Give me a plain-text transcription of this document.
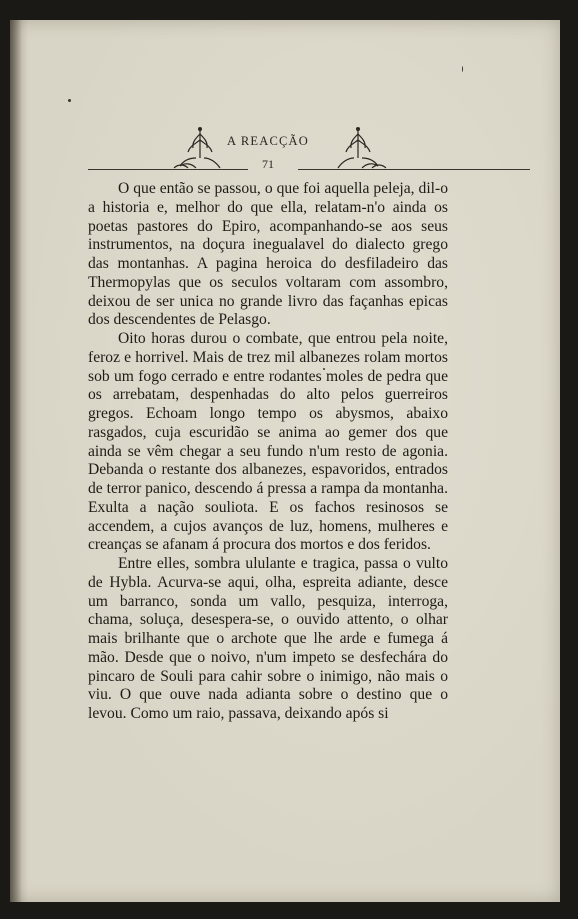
A REACÇÃO
71

O que então se passou, o que foi aquella peleja, dil-o a historia e, melhor do que ella, relatam-n'o ainda os poetas pastores do Epiro, acompanhando-se aos seus instrumentos, na doçura inegualavel do dialecto grego das montanhas. A pagina heroica do desfiladeiro das Thermopylas que os seculos voltaram com assombro, deixou de ser unica no grande livro das façanhas epicas dos descendentes de Pelasgo.

Oito horas durou o combate, que entrou pela noite, feroz e horrivel. Mais de trez mil albanezes rolam mortos sob um fogo cerrado e entre rodantes moles de pedra que os arrebatam, despenhadas do alto pelos guerreiros gregos. Echoam longo tempo os abysmos, abaixo rasgados, cuja escuridão se anima ao gemer dos que ainda se vêm chegar a seu fundo n'um resto de agonia. Debanda o restante dos albanezes, espavoridos, entrados de terror panico, descendo á pressa a rampa da montanha. Exulta a nação souliota. E os fachos resinosos se accendem, a cujos avanços de luz, homens, mulheres e creanças se afanam á procura dos mortos e dos feridos.

Entre elles, sombra ululante e tragica, passa o vulto de Hybla. Acurva-se aqui, olha, espreita adiante, desce um barranco, sonda um vallo, pesquiza, interroga, chama, soluça, desespera-se, o ouvido attento, o olhar mais brilhante que o archote que lhe arde e fumega á mão. Desde que o noivo, n'um impeto se desfechára do pincaro de Souli para cahir sobre o inimigo, não mais o viu. O que ouve nada adianta sobre o destino que o levou. Como um raio, passava, deixando após si
